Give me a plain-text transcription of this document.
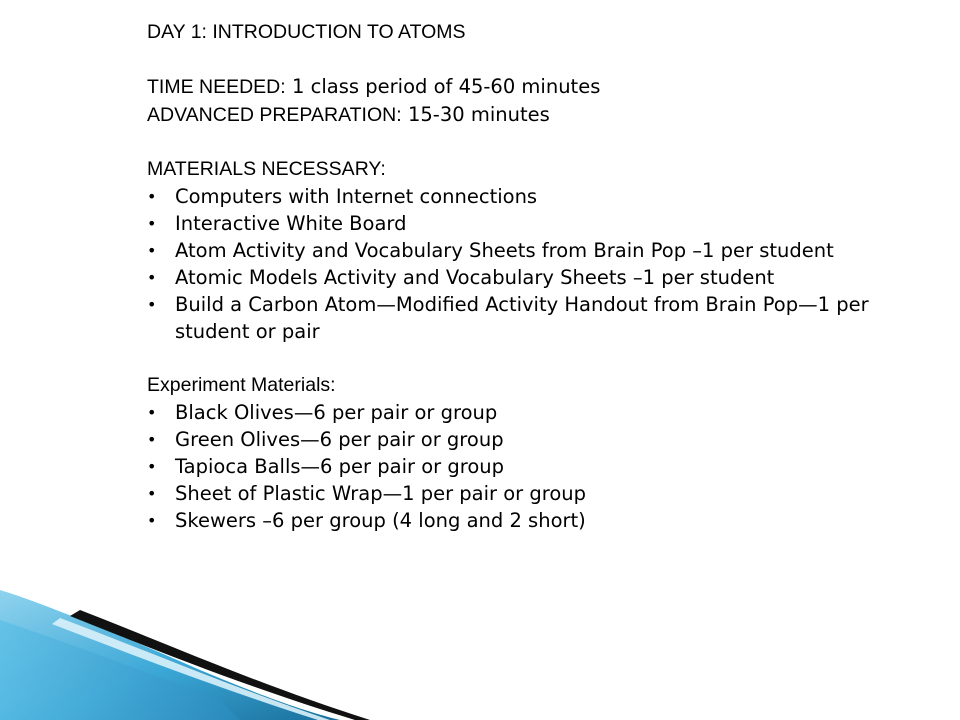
DAY 1: INTRODUCTION TO ATOMS
TIME NEEDED: 1 class period of 45-60 minutes
ADVANCED PREPARATION: 15-30 minutes
MATERIALS NECESSARY:
• Computers with Internet connections
• Interactive White Board
• Atom Activity and Vocabulary Sheets from Brain Pop –1 per student
• Atomic Models Activity and Vocabulary Sheets –1 per student
• Build a Carbon Atom—Modified Activity Handout from Brain Pop—1 per student or pair
Experiment Materials:
• Black Olives—6 per pair or group
• Green Olives—6 per pair or group
• Tapioca Balls—6 per pair or group
• Sheet of Plastic Wrap—1 per pair or group
• Skewers –6 per group (4 long and 2 short)
